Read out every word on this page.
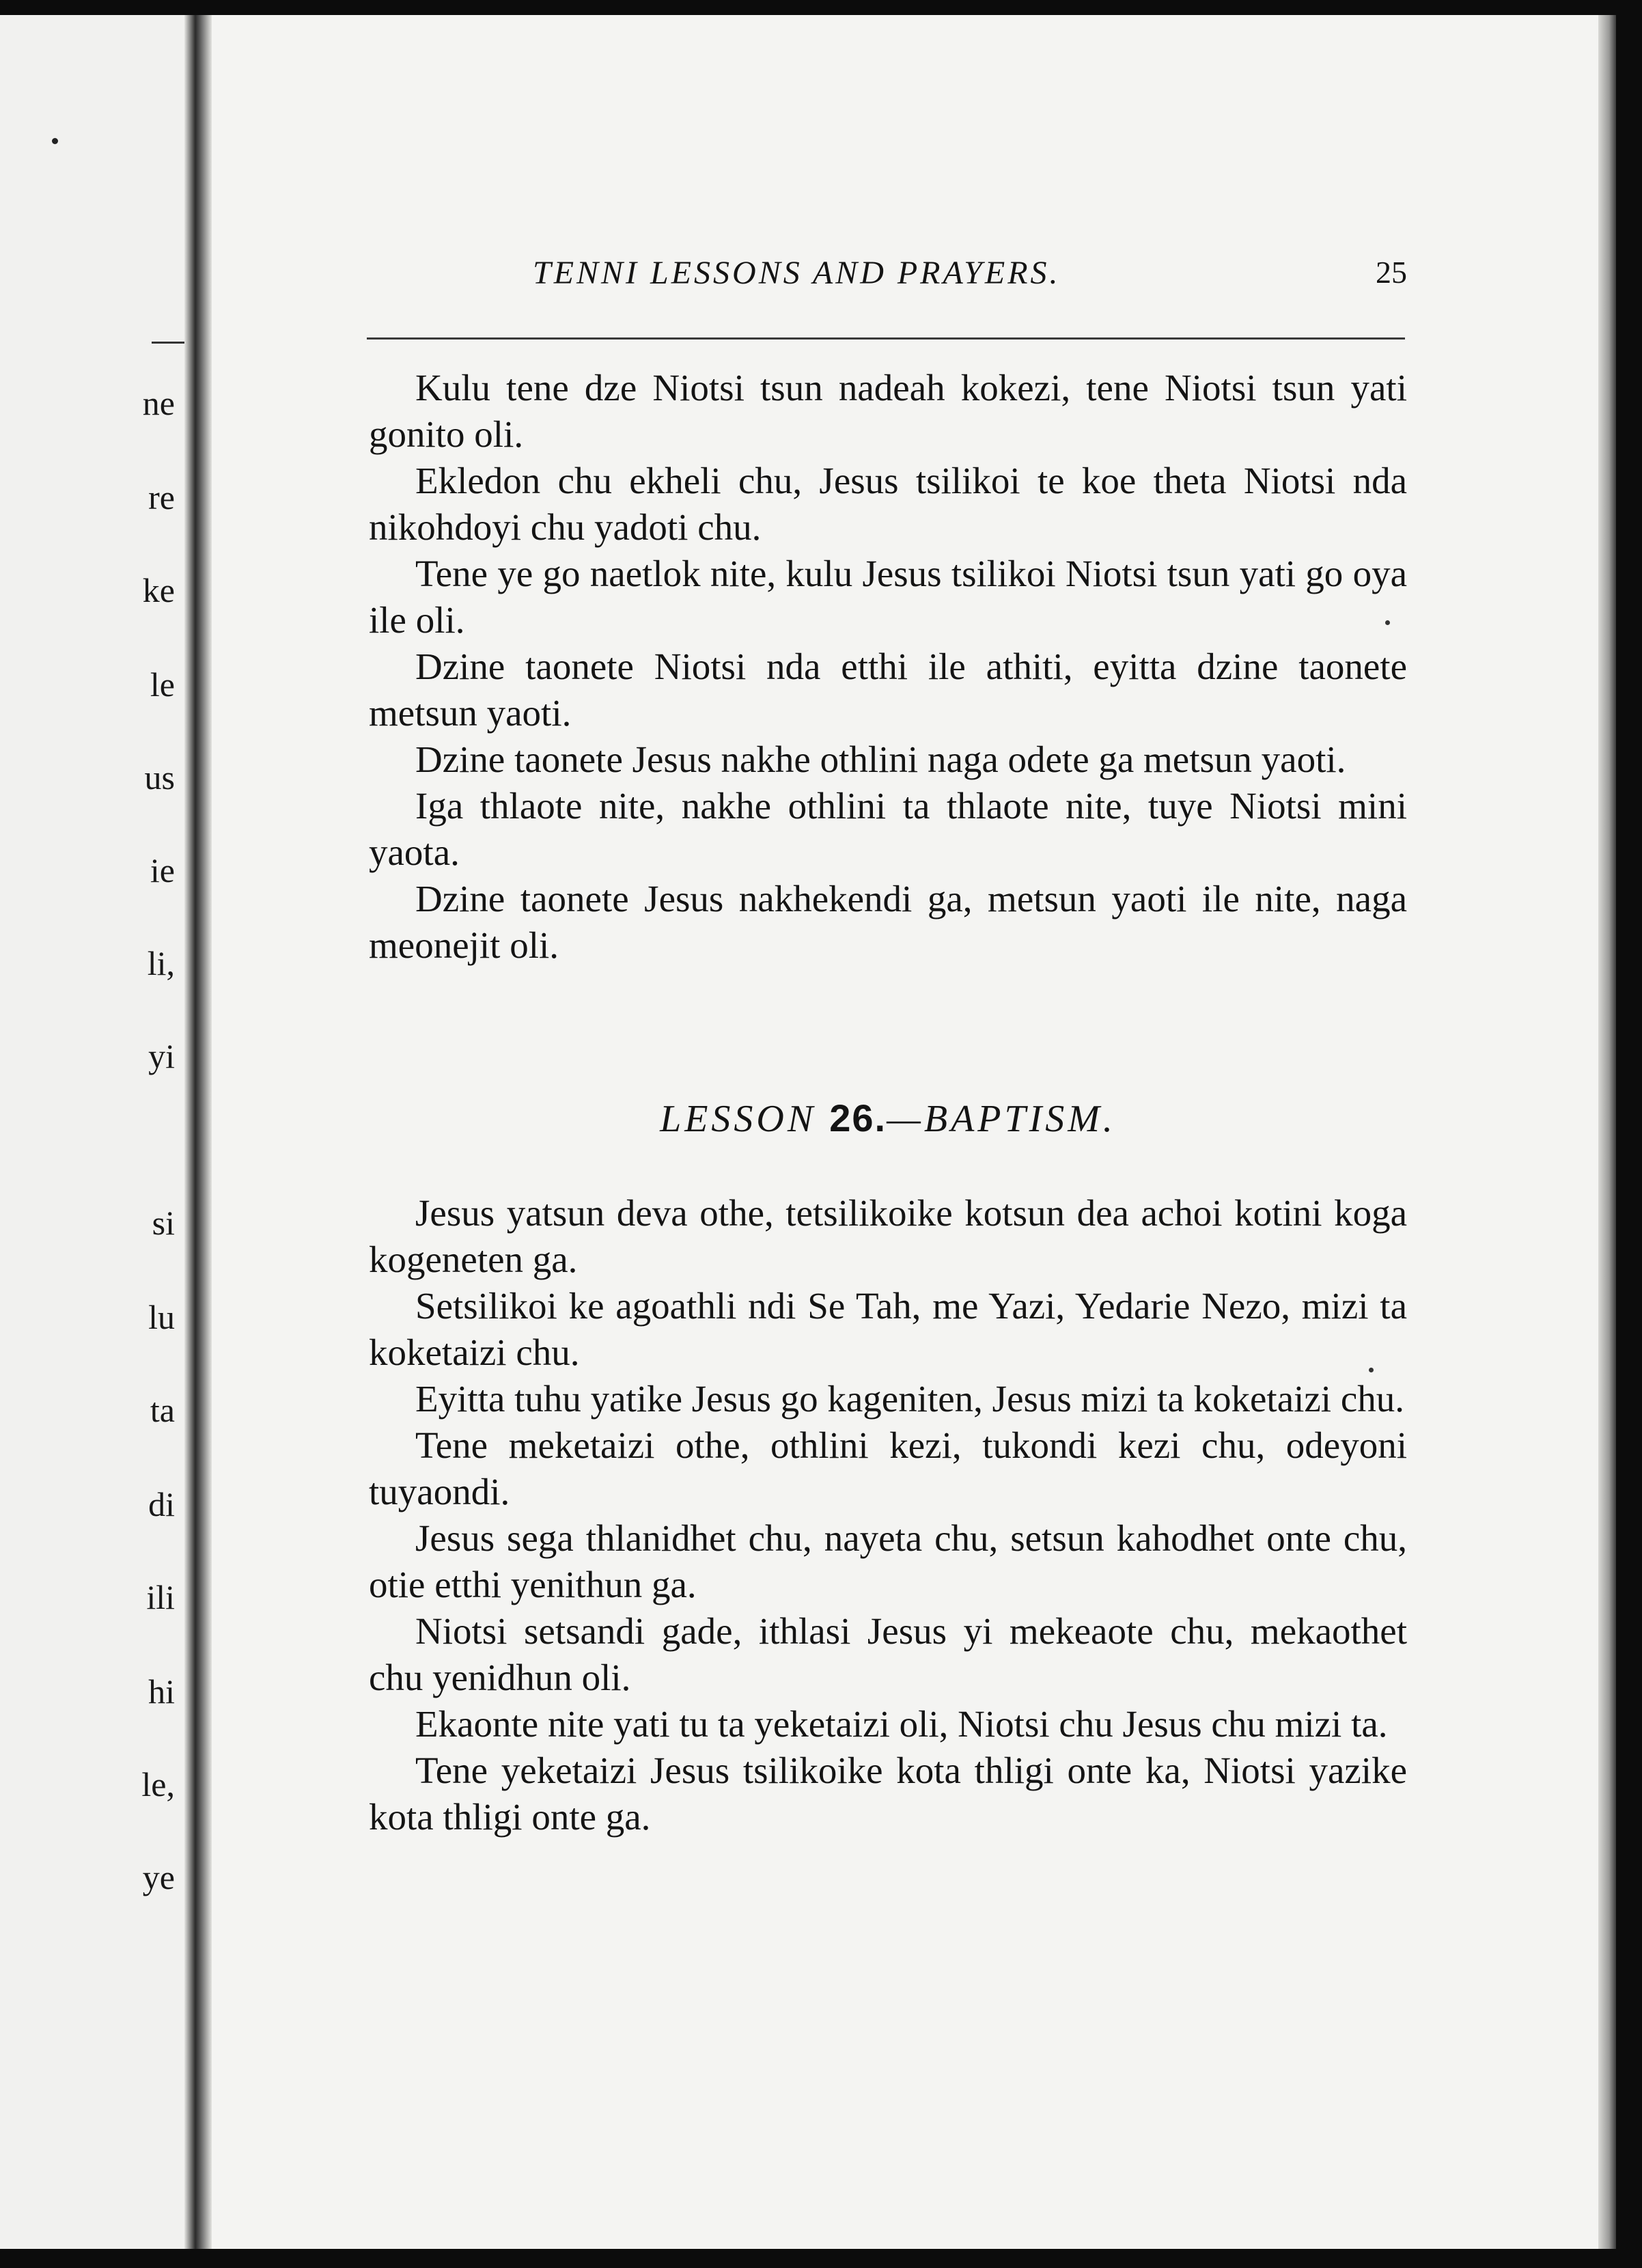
ne
re
ke
le
us
ie
li,
yi
si
lu
ta
di
ili
hi
le,
ye
TENNI LESSONS AND PRAYERS.	25

Kulu tene dze Niotsi tsun nadeah kokezi, tene Niotsi tsun yati gonito oli.

Ekledon chu ekheli chu, Jesus tsilikoi te koe theta Niotsi nda nikohdoyi chu yadoti chu.

Tene ye go naetlok nite, kulu Jesus tsilikoi Niotsi tsun yati go oya ile oli.

Dzine taonete Niotsi nda etthi ile athiti, eyitta dzine taonete metsun yaoti.

Dzine taonete Jesus nakhe othlini naga odete ga metsun yaoti.

Iga thlaote nite, nakhe othlini ta thlaote nite, tuye Niotsi mini yaota.

Dzine taonete Jesus nakhekendi ga, metsun yaoti ile nite, naga meonejit oli.

LESSON 26.—BAPTISM.

Jesus yatsun deva othe, tetsilikoike kotsun dea achoi kotini koga kogeneten ga.

Setsilikoi ke agoathli ndi Se Tah, me Yazi, Yedarie Nezo, mizi ta koketaizi chu.

Eyitta tuhu yatike Jesus go kageniten, Jesus mizi ta koketaizi chu.

Tene meketaizi othe, othlini kezi, tukondi kezi chu, odeyoni tuyaondi.

Jesus sega thlanidhet chu, nayeta chu, setsun kahodhet onte chu, otie etthi yenithun ga.

Niotsi setsandi gade, ithlasi Jesus yi mekeaote chu, mekaothet chu yenidhun oli.

Ekaonte nite yati tu ta yeketaizi oli, Niotsi chu Jesus chu mizi ta.

Tene yeketaizi Jesus tsilikoike kota thligi onte ka, Niotsi yazike kota thligi onte ga.
